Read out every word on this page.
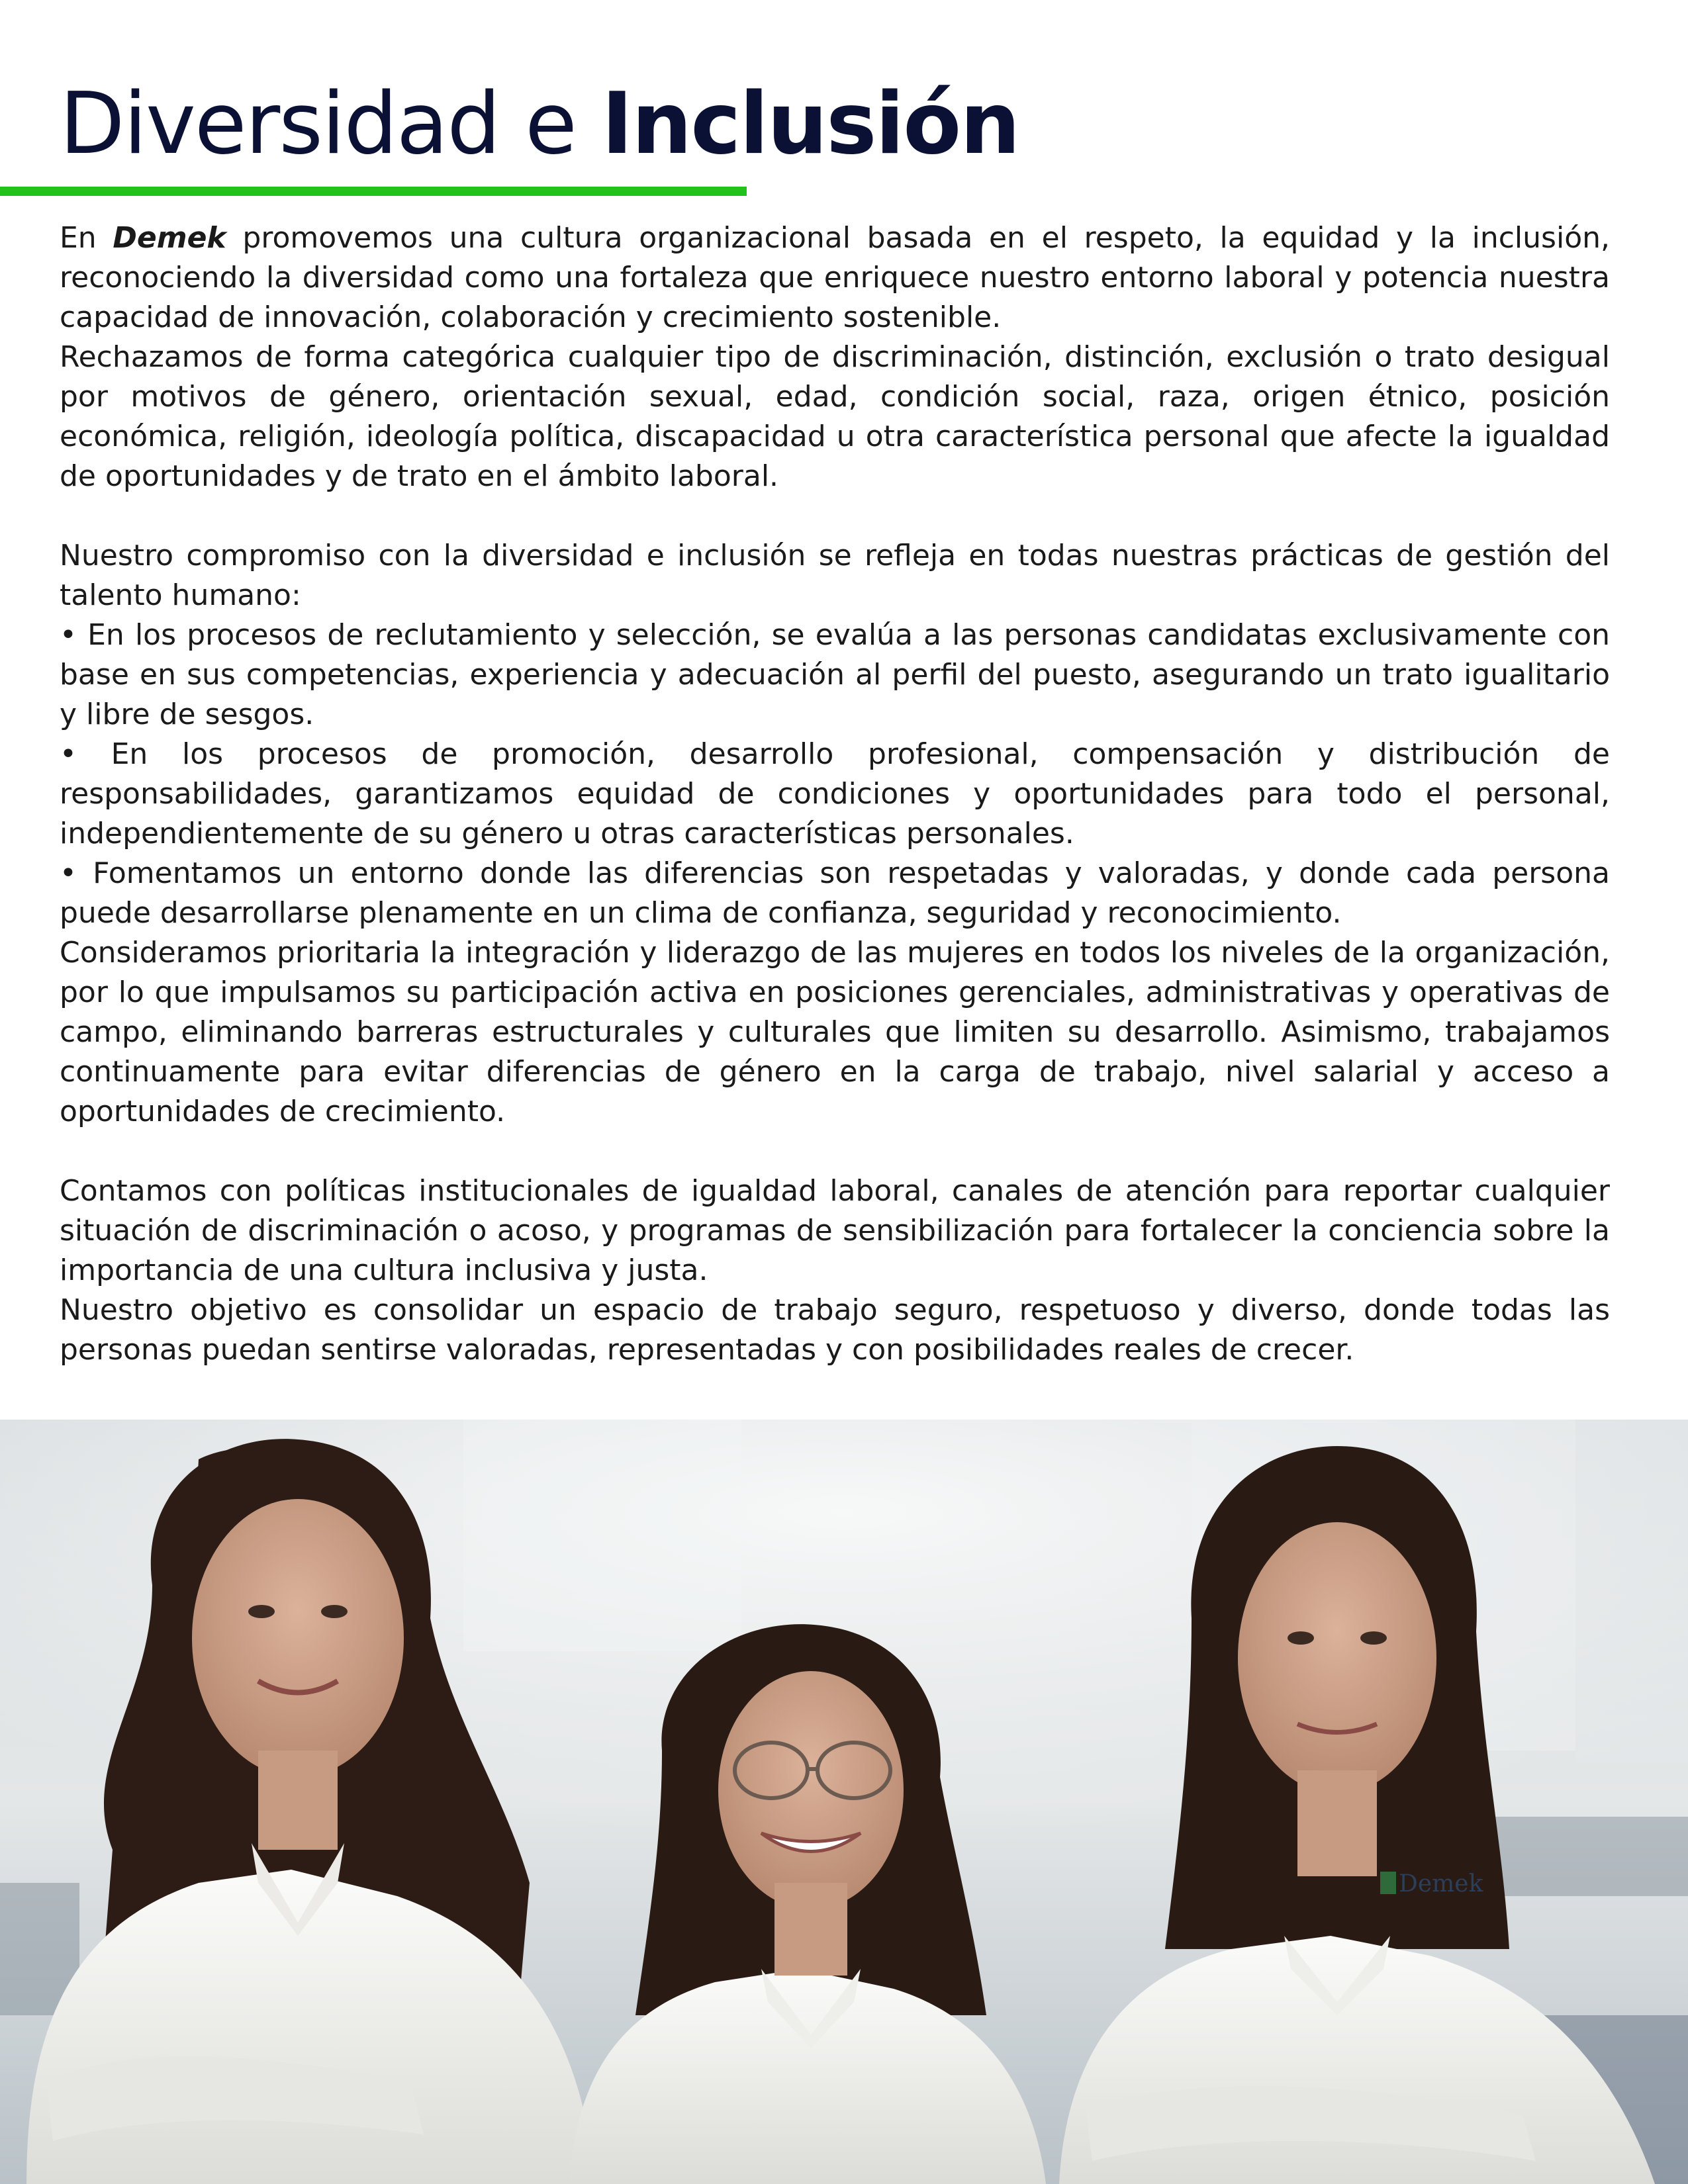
Diversidad e Inclusión

En Demek promovemos una cultura organizacional basada en el respeto, la equidad y la inclusión, reconociendo la diversidad como una fortaleza que enriquece nuestro entorno laboral y potencia nuestra capacidad de innovación, colaboración y crecimiento sostenible.

Rechazamos de forma categórica cualquier tipo de discriminación, distinción, exclusión o trato desigual por motivos de género, orientación sexual, edad, condición social, raza, origen étnico, posición económica, religión, ideología política, discapacidad u otra característica personal que afecte la igualdad de oportunidades y de trato en el ámbito laboral.

Nuestro compromiso con la diversidad e inclusión se refleja en todas nuestras prácticas de gestión del talento humano:

• En los procesos de reclutamiento y selección, se evalúa a las personas candidatas exclusivamente con base en sus competencias, experiencia y adecuación al perfil del puesto, asegurando un trato igualitario y libre de sesgos.

• En los procesos de promoción, desarrollo profesional, compensación y distribución de responsabilidades, garantizamos equidad de condiciones y oportunidades para todo el personal, independientemente de su género u otras características personales.

• Fomentamos un entorno donde las diferencias son respetadas y valoradas, y donde cada persona puede desarrollarse plenamente en un clima de confianza, seguridad y reconocimiento.

Consideramos prioritaria la integración y liderazgo de las mujeres en todos los niveles de la organización, por lo que impulsamos su participación activa en posiciones gerenciales, administrativas y operativas de campo, eliminando barreras estructurales y culturales que limiten su desarrollo. Asimismo, trabajamos continuamente para evitar diferencias de género en la carga de trabajo, nivel salarial y acceso a oportunidades de crecimiento.

Contamos con políticas institucionales de igualdad laboral, canales de atención para reportar cualquier situación de discriminación o acoso, y programas de sensibilización para fortalecer la conciencia sobre la importancia de una cultura inclusiva y justa.

Nuestro objetivo es consolidar un espacio de trabajo seguro, respetuoso y diverso, donde todas las personas puedan sentirse valoradas, representadas y con posibilidades reales de crecer.

Demek
